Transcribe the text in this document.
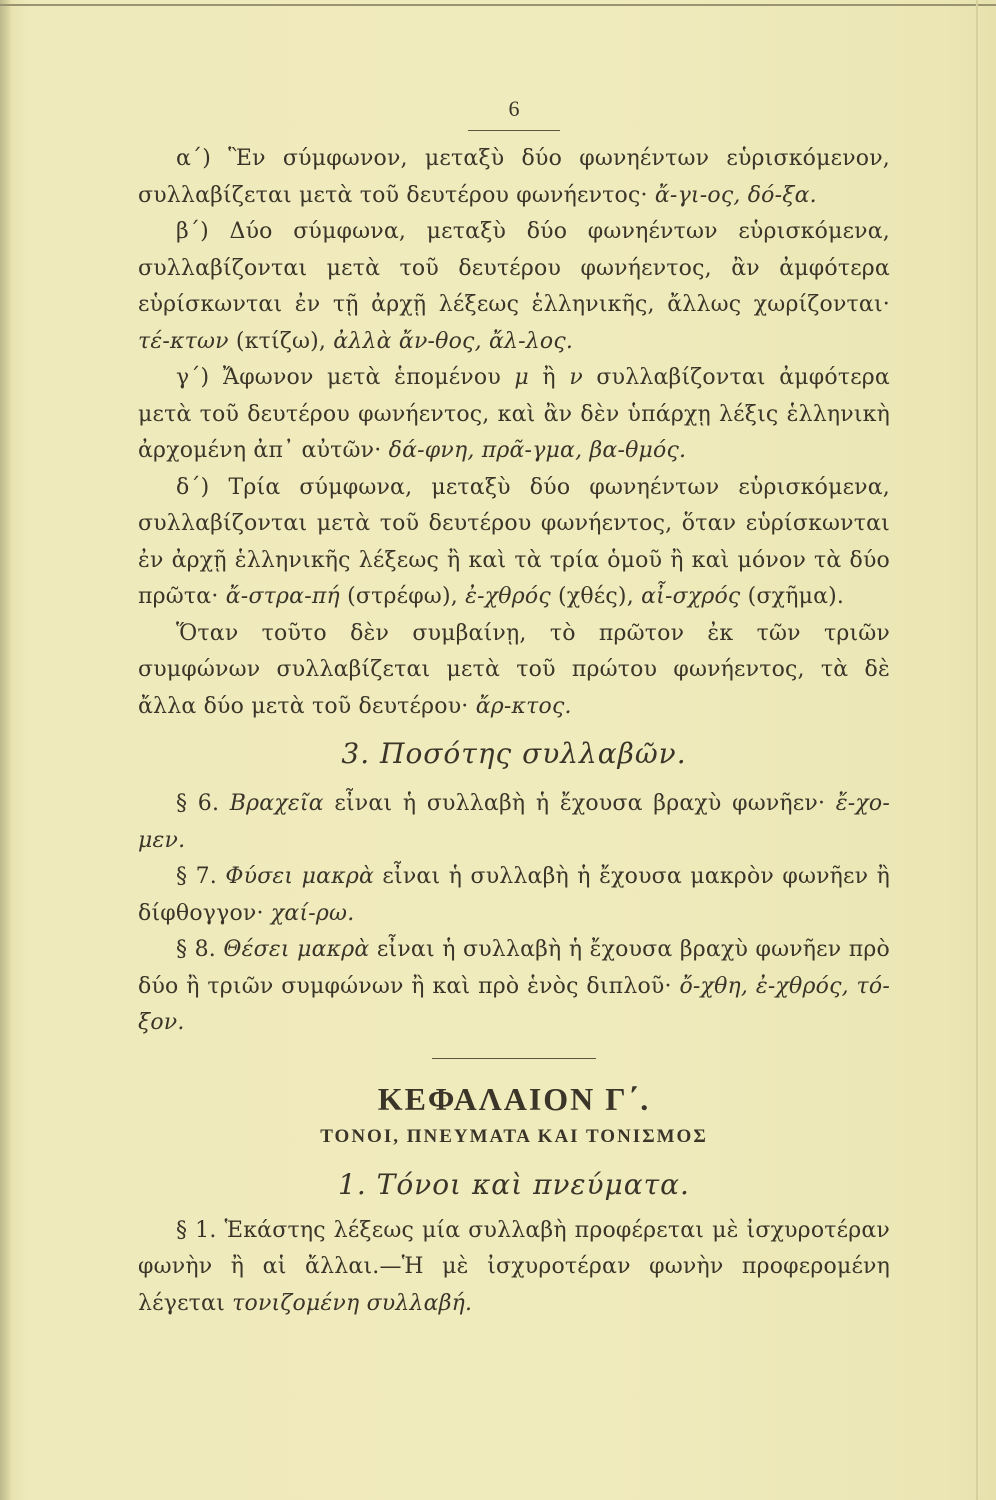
6

α΄) Ἓν σύμφωνον, μεταξὺ δύο φωνηέντων εὑρισκόμενον, συλλαβίζεται μετὰ τοῦ δευτέρου φωνήεντος· ἄ-γι-ος, δό-ξα.

β΄) Δύο σύμφωνα, μεταξὺ δύο φωνηέντων εὑρισκόμενα, συλλαβίζονται μετὰ τοῦ δευτέρου φωνήεντος, ἂν ἀμφότερα εὑρίσκωνται ἐν τῇ ἀρχῇ λέξεως ἑλληνικῆς, ἄλλως χωρίζονται· τέ-κτων (κτίζω), ἀλλὰ ἄν-θος, ἄλ-λος.

γ΄) Ἄφωνον μετὰ ἑπομένου μ ἢ ν συλλαβίζονται ἀμφότερα μετὰ τοῦ δευτέρου φωνήεντος, καὶ ἂν δὲν ὑπάρχῃ λέξις ἑλληνικὴ ἀρχομένη ἀπ᾽ αὐτῶν· δά-φνη, πρᾶ-γμα, βα-θμός.

δ΄) Τρία σύμφωνα, μεταξὺ δύο φωνηέντων εὑρισκόμενα, συλλαβίζονται μετὰ τοῦ δευτέρου φωνήεντος, ὅταν εὑρίσκωνται ἐν ἀρχῇ ἑλληνικῆς λέξεως ἢ καὶ τὰ τρία ὁμοῦ ἢ καὶ μόνον τὰ δύο πρῶτα· ἄ-στρα-πή (στρέφω), ἐ-χθρός (χθές), αἶ-σχρός (σχῆμα).

Ὅταν τοῦτο δὲν συμβαίνῃ, τὸ πρῶτον ἐκ τῶν τριῶν συμφώνων συλλαβίζεται μετὰ τοῦ πρώτου φωνήεντος, τὰ δὲ ἄλλα δύο μετὰ τοῦ δευτέρου· ἄρ-κτος.

3. Ποσότης συλλαβῶν.

§ 6. Βραχεῖα εἶναι ἡ συλλαβὴ ἡ ἔχουσα βραχὺ φωνῆεν· ἔ-χο-μεν.

§ 7. Φύσει μακρὰ εἶναι ἡ συλλαβὴ ἡ ἔχουσα μακρὸν φωνῆεν ἢ δίφθογγον· χαί-ρω.

§ 8. Θέσει μακρὰ εἶναι ἡ συλλαβὴ ἡ ἔχουσα βραχὺ φωνῆεν πρὸ δύο ἢ τριῶν συμφώνων ἢ καὶ πρὸ ἑνὸς διπλοῦ· ὄ-χθη, ἐ-χθρός, τό-ξον.

ΚΕΦΑΛΑΙΟΝ Γ΄.
ΤΟΝΟΙ, ΠΝΕΥΜΑΤΑ ΚΑΙ ΤΟΝΙΣΜΟΣ
1. Τόνοι καὶ πνεύματα.

§ 1. Ἑκάστης λέξεως μία συλλαβὴ προφέρεται μὲ ἰσχυροτέραν φωνὴν ἢ αἱ ἄλλαι.—Ἡ μὲ ἰσχυροτέραν φωνὴν προφερομένη λέγεται τονιζομένη συλλαβή.
